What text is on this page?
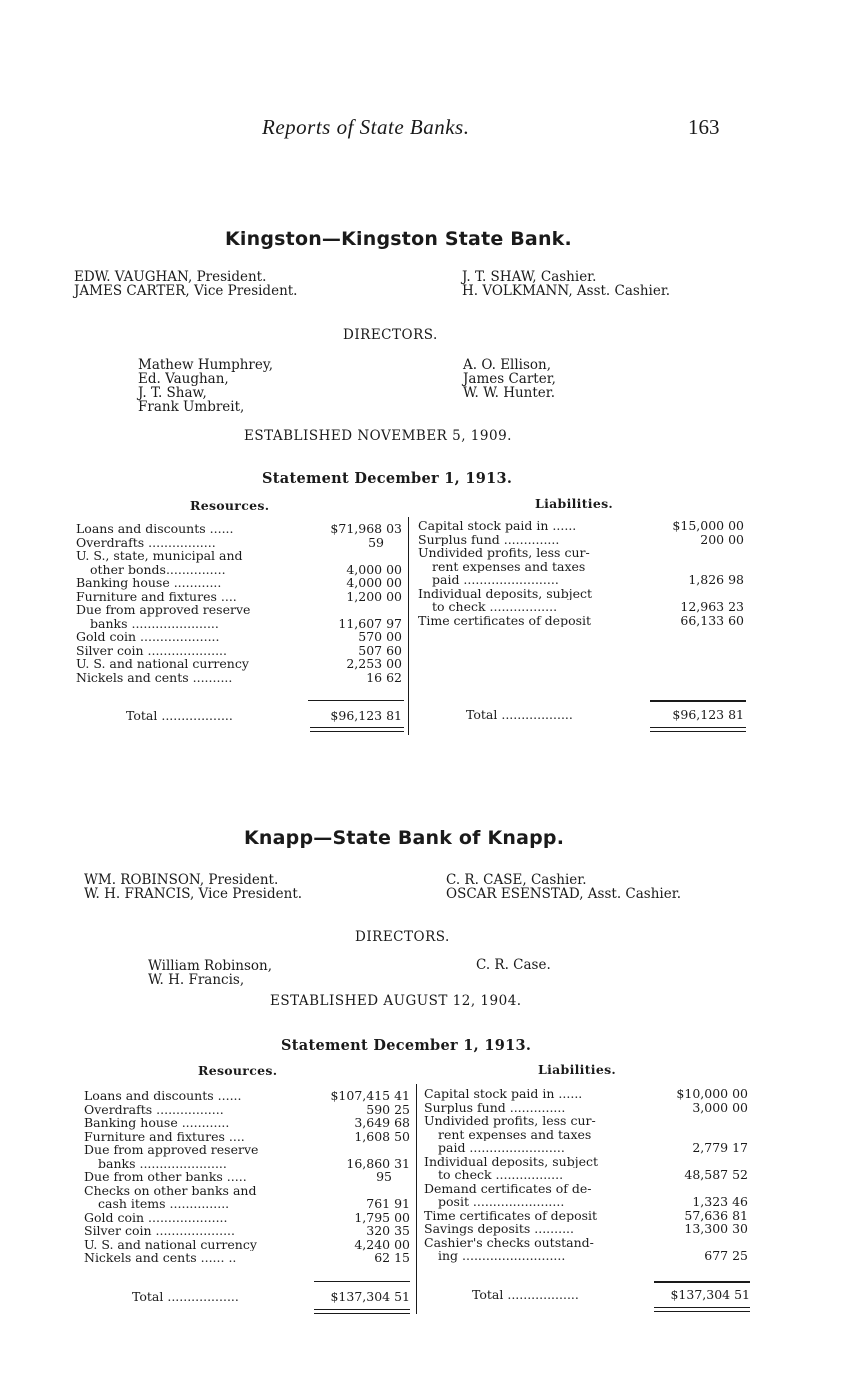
Reports of State Banks.	163
Kingston—Kingston State Bank.
EDW. VAUGHAN, President.
JAMES CARTER, Vice President.
J. T. SHAW, Cashier.
H. VOLKMANN, Asst. Cashier.
DIRECTORS.
Mathew Humphrey,
Ed. Vaughan,
J. T. Shaw,
Frank Umbreit,
A. O. Ellison,
James Carter,
W. W. Hunter.
ESTABLISHED NOVEMBER 5, 1909.
Statement December 1, 1913.
Resources.	Liabilities.
Loans and discounts ......	$71,968 03
Overdrafts .................	59
U. S., state, municipal and
other bonds...............	4,000 00
Banking house ............	4,000 00
Furniture and fixtures ....	1,200 00
Due from approved reserve
banks ......................	11,607 97
Gold coin ....................	570 00
Silver coin ....................	507 60
U. S. and national currency	2,253 00
Nickels and cents ..........	16 62
Capital stock paid in ......	$15,000 00
Surplus fund ..............	200 00
Undivided profits, less cur-
rent expenses and taxes
paid ........................	1,826 98
Individual deposits, subject
to check .................	12,963 23
Time certificates of deposit	66,133 60
Total ..................	$96,123 81	Total ..................	$96,123 81
Knapp—State Bank of Knapp.
WM. ROBINSON, President.
W. H. FRANCIS, Vice President.
C. R. CASE, Cashier.
OSCAR ESENSTAD, Asst. Cashier.
DIRECTORS.
William Robinson,
W. H. Francis,
C. R. Case.
ESTABLISHED AUGUST 12, 1904.
Statement December 1, 1913.
Resources.	Liabilities.
Loans and discounts ......	$107,415 41
Overdrafts .................	590 25
Banking house ............	3,649 68
Furniture and fixtures ....	1,608 50
Due from approved reserve
banks ......................	16,860 31
Due from other banks .....	95
Checks on other banks and
cash items ...............	761 91
Gold coin ....................	1,795 00
Silver coin ....................	320 35
U. S. and national currency	4,240 00
Nickels and cents ...... ..	62 15
Capital stock paid in ......	$10,000 00
Surplus fund ..............	3,000 00
Undivided profits, less cur-
rent expenses and taxes
paid ........................	2,779 17
Individual deposits, subject
to check .................	48,587 52
Demand certificates of de-
posit .......................	1,323 46
Time certificates of deposit	57,636 81
Savings deposits ..........	13,300 30
Cashier's checks outstand-
ing ..........................	677 25
Total ..................	$137,304 51	Total ..................	$137,304 51
